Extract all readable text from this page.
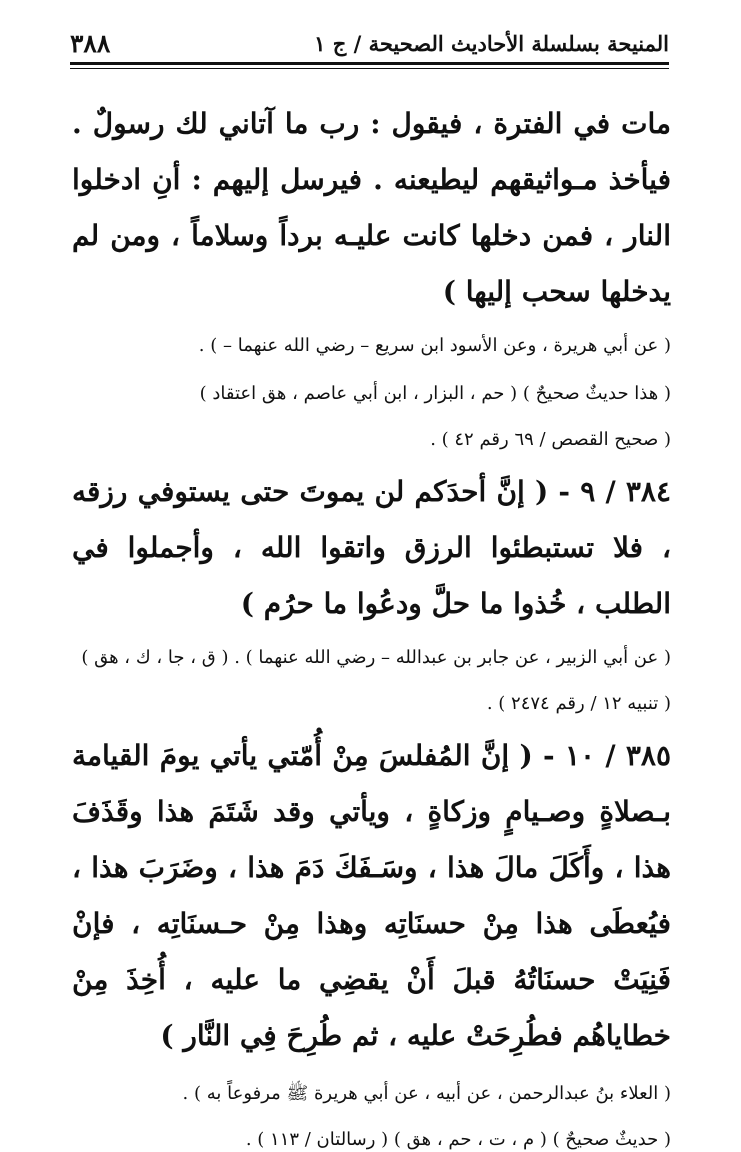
المنيحة بسلسلة الأحاديث الصحيحة / ج ١
٣٨٨

مات في الفترة ، فيقول : رب ما آتاني لك رسولٌ . فيأخذ مـواثيقهم ليطيعنه . فيرسل إليهم : أنِ ادخلوا النار ، فمن دخلها كانت عليـه برداً وسلاماً ، ومن لم يدخلها سحب إليها )

( عن أبي هريرة ، وعن الأسود ابن سريع – رضي الله عنهما – ) .

( هذا حديثٌ صحيحٌ ) ( حم ، البزار ، ابن أبي عاصم ، هق اعتقاد )

( صحيح القصص / ٦٩ رقم ٤٢ ) .

٣٨٤ / ٩ - ( إنَّ أحدَكم لن يموتَ حتى يستوفي رزقه ، فلا تستبطئوا الرزق واتقوا الله ، وأجملوا في الطلب ، خُذوا ما حلَّ ودعُوا ما حرُم )

( عن أبي الزبير ، عن جابر بن عبدالله – رضي الله عنهما ) . ( ق ، جا ، ك ، هق )

( تنبيه ١٢ / رقم ٢٤٧٤ ) .

٣٨٥ / ١٠ - ( إنَّ المُفلسَ مِنْ أُمّتي يأتي يومَ القيامة بـصلاةٍ وصـيامٍ وزكاةٍ ، ويأتي وقد شَتَمَ هذا وقَذَفَ هذا ، وأَكَلَ مالَ هذا ، وسَـفَكَ دَمَ هذا ، وضَرَبَ هذا ، فيُعطَى هذا مِنْ حسنَاتِه وهذا مِنْ حـسنَاتِه ، فإنْ فَنِيَتْ حسنَاتُهُ قبلَ أَنْ يقضِي ما عليه ، أُخِذَ مِنْ خطاياهُم فطُرِحَتْ عليه ، ثم طُرِحَ فِي النَّار )

( العلاء بنُ عبدالرحمن ، عن أبيه ، عن أبي هريرة ﷺ مرفوعاً به ) .

( حديثٌ صحيحٌ ) ( م ، ت ، حم ، هق ) ( رسالتان / ١١٣ ) .
